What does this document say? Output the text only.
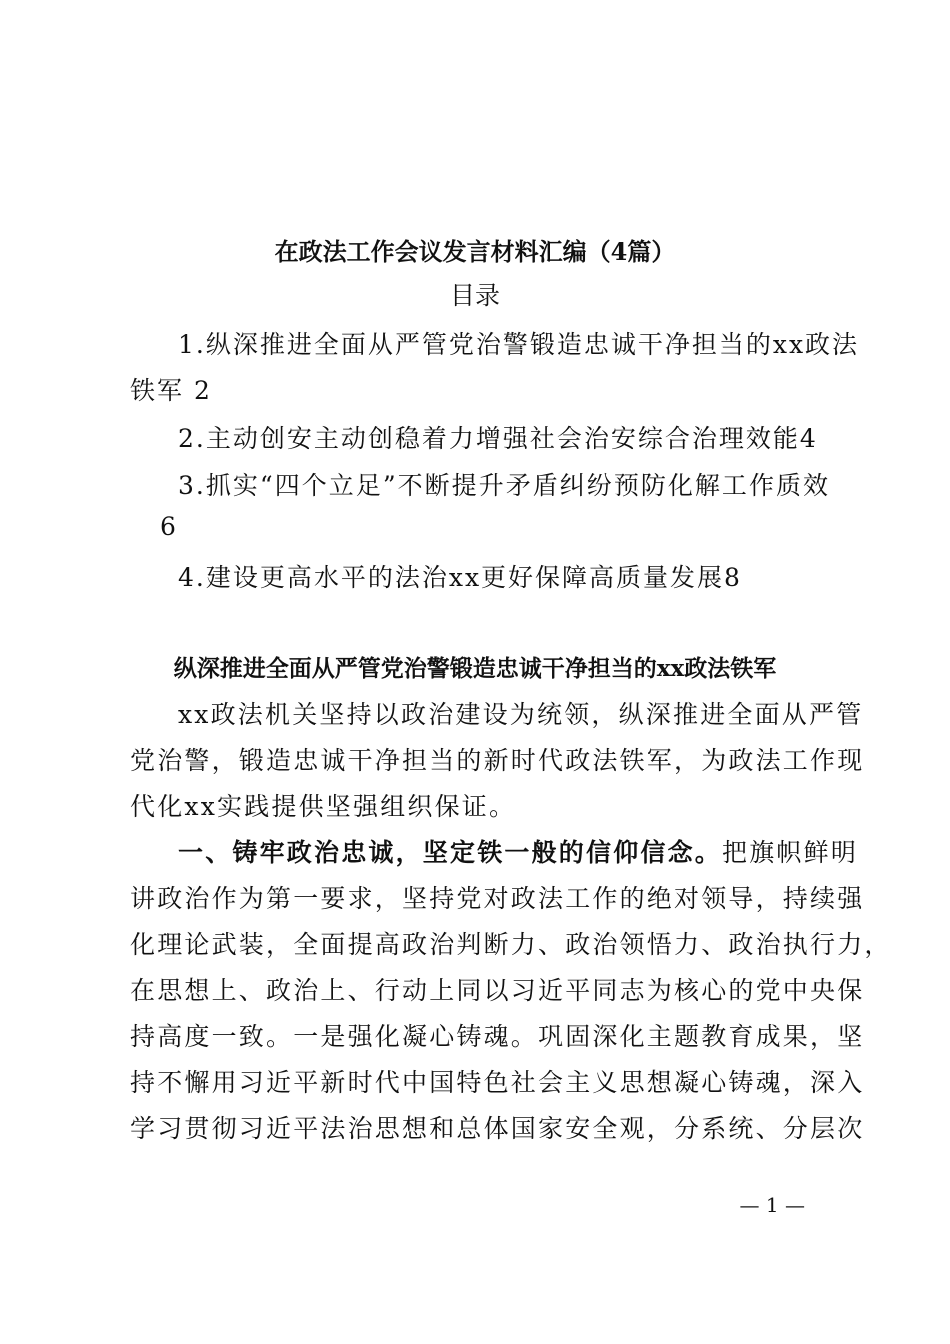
在政法工作会议发言材料汇编（4篇）
目录
1.纵深推进全面从严管党治警锻造忠诚干净担当的xx政法
铁军 2
2.主动创安主动创稳着力增强社会治安综合治理效能4
3.抓实“四个立足”不断提升矛盾纠纷预防化解工作质效
6
4.建设更高水平的法治xx更好保障高质量发展8
纵深推进全面从严管党治警锻造忠诚干净担当的xx政法铁军
xx政法机关坚持以政治建设为统领，纵深推进全面从严管
党治警，锻造忠诚干净担当的新时代政法铁军，为政法工作现
代化xx实践提供坚强组织保证。
一、铸牢政治忠诚，坚定铁一般的信仰信念。 把旗帜鲜明
讲政治作为第一要求，坚持党对政法工作的绝对领导，持续强
化理论武装，全面提高政治判断力、政治领悟力、政治执行力，
在思想上、政治上、行动上同以习近平同志为核心的党中央保
持高度一致。一是强化凝心铸魂。巩固深化主题教育成果，坚
持不懈用习近平新时代中国特色社会主义思想凝心铸魂，深入
学习贯彻习近平法治思想和总体国家安全观，分系统、分层次
— 1 —
